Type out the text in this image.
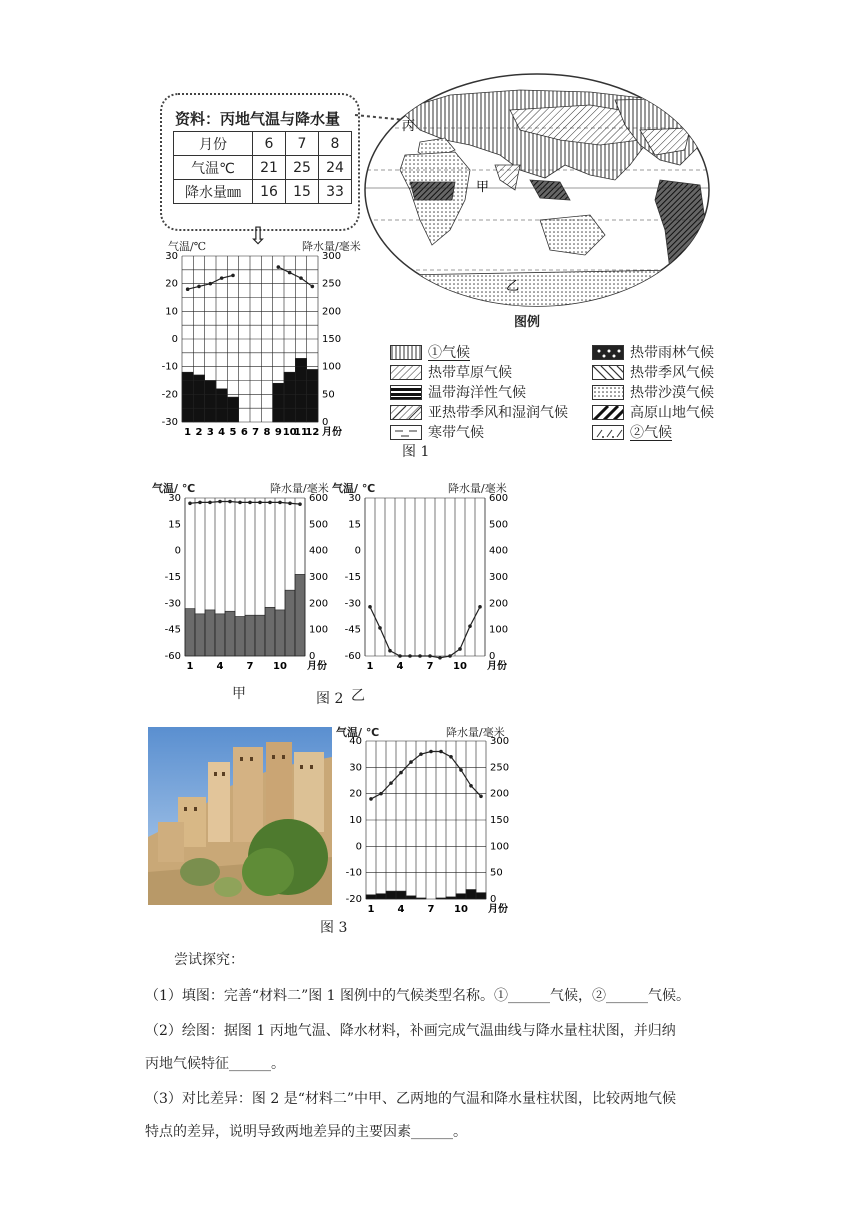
资料：丙地气温与降水量
月份	6	7	8
气温℃	21	25	24
降水量㎜	16	15	33
⇩
气温/℃	降水量/毫米
30
20
10
0
-10
-20
-30
300
250
200
150
100
50
0
1 2 3 4 5 6 7 8 9 10
11
12 月份
丙
甲
乙
图例
①气候	热带雨林气候
热带草原气候	热带季风气候
温带海洋性气候	热带沙漠气候
亚热带季风和湿润气候	高原山地气候
寒带气候	②气候
图 1
气温/ ℃	降水量/毫米
30
15
0
-15
-30
-45
-60
600
500
400
300
200
100
0
1 4 7 10 月份
甲
气温/ ℃	降水量/毫米
30
15
0
-15
-30
-45
-60
600
500
400
300
200
100
0
1 4 7 10 月份
图 2 乙
气温/ ℃	降水量/毫米
40
30
20
10
0
-10
-20
300
250
200
150
100
50
0
1 4 7 10 月份
图 3
尝试探究：
（1）填图：完善“材料二”图 1 图例中的气候类型名称。①______气候，②______气候。
（2）绘图：据图 1 丙地气温、降水材料，补画完成气温曲线与降水量柱状图，并归纳
丙地气候特征______。
（3）对比差异：图 2 是“材料二”中甲、乙两地的气温和降水量柱状图，比较两地气候
特点的差异，说明导致两地差异的主要因素______。
